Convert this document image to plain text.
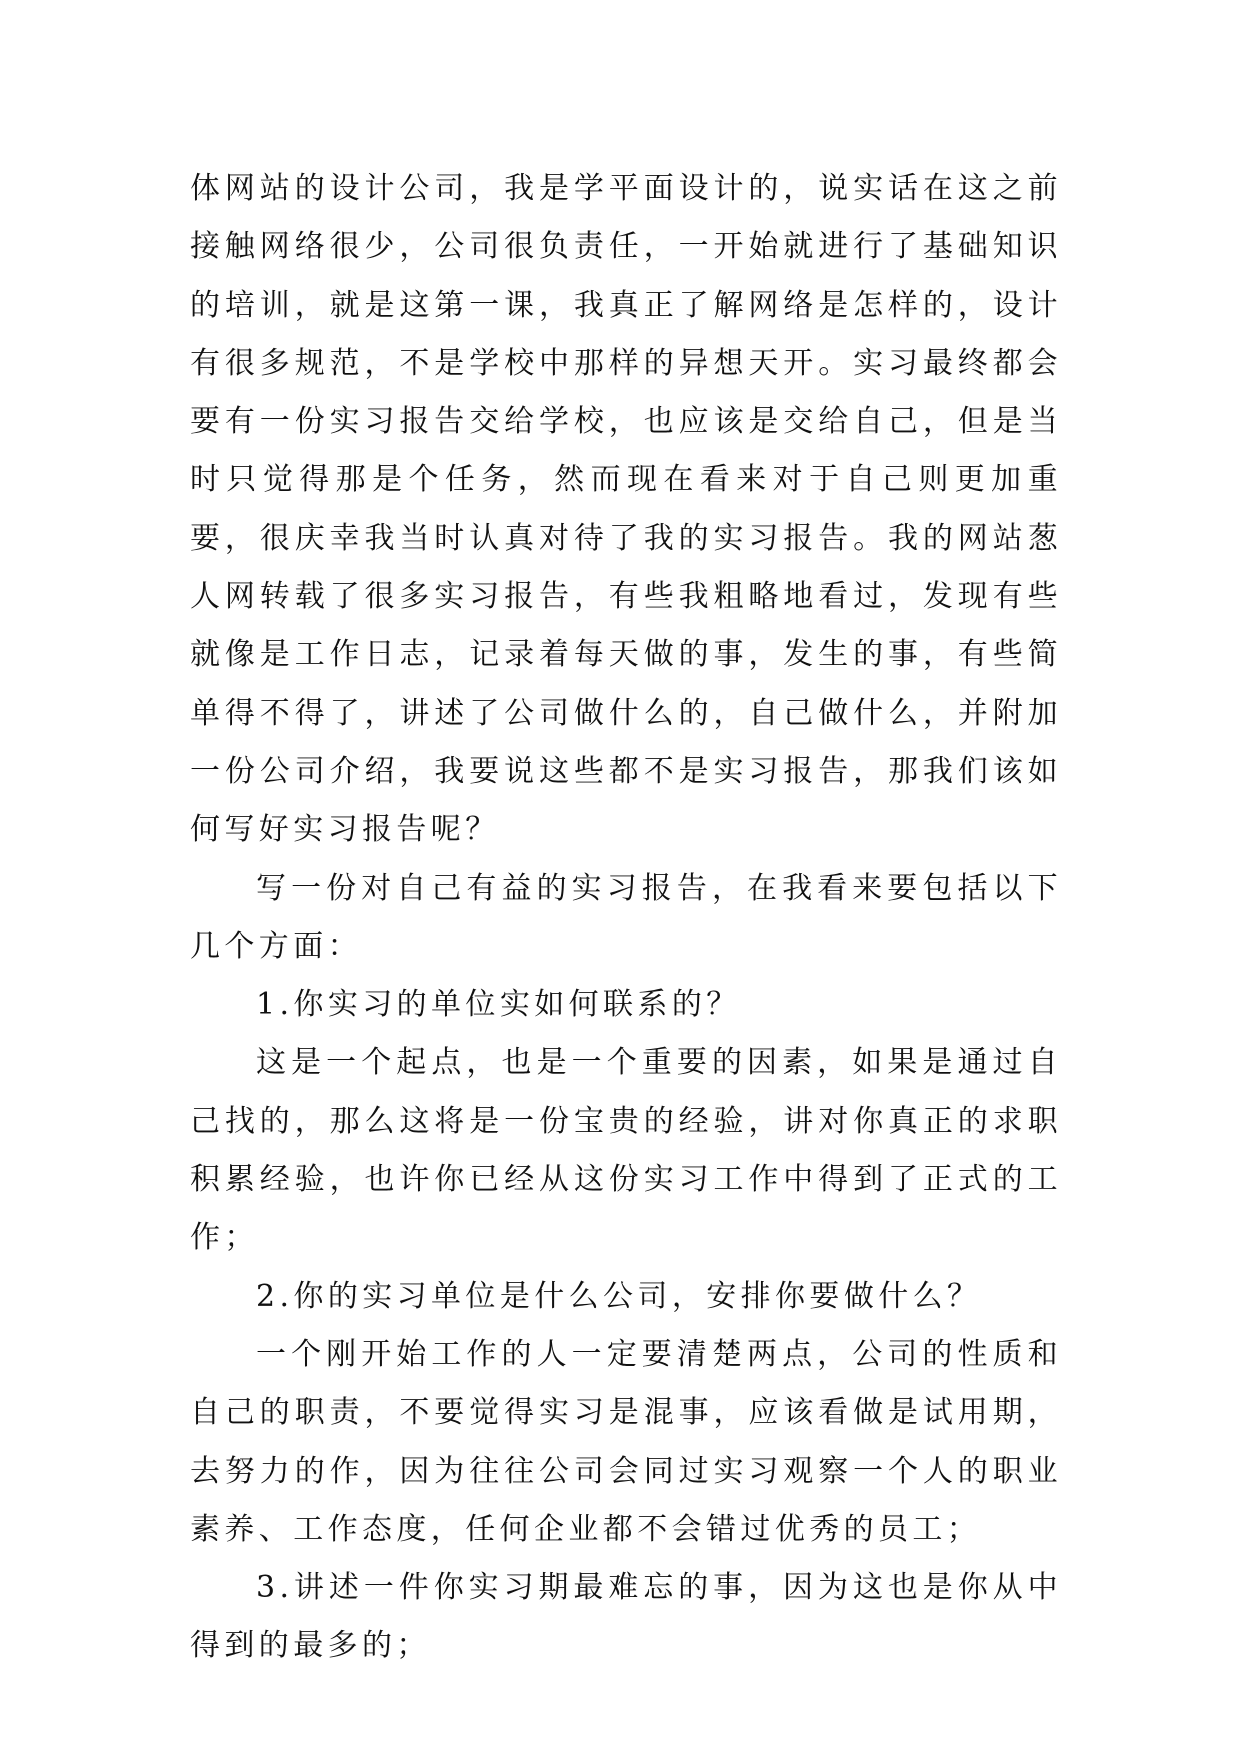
体网站的设计公司，我是学平面设计的，说实话在这之前接触网络很少，公司很负责任，一开始就进行了基础知识的培训，就是这第一课，我真正了解网络是怎样的，设计有很多规范，不是学校中那样的异想天开。实习最终都会要有一份实习报告交给学校，也应该是交给自己，但是当时只觉得那是个任务，然而现在看来对于自己则更加重要，很庆幸我当时认真对待了我的实习报告。我的网站葱人网转载了很多实习报告，有些我粗略地看过，发现有些就像是工作日志，记录着每天做的事，发生的事，有些简单得不得了，讲述了公司做什么的，自己做什么，并附加一份公司介绍，我要说这些都不是实习报告，那我们该如何写好实习报告呢？

写一份对自己有益的实习报告，在我看来要包括以下几个方面：

1.你实习的单位实如何联系的？

这是一个起点，也是一个重要的因素，如果是通过自己找的，那么这将是一份宝贵的经验，讲对你真正的求职积累经验，也许你已经从这份实习工作中得到了正式的工作；

2.你的实习单位是什么公司，安排你要做什么？

一个刚开始工作的人一定要清楚两点，公司的性质和自己的职责，不要觉得实习是混事，应该看做是试用期，去努力的作，因为往往公司会同过实习观察一个人的职业素养、工作态度，任何企业都不会错过优秀的员工；

3.讲述一件你实习期最难忘的事，因为这也是你从中得到的最多的；
